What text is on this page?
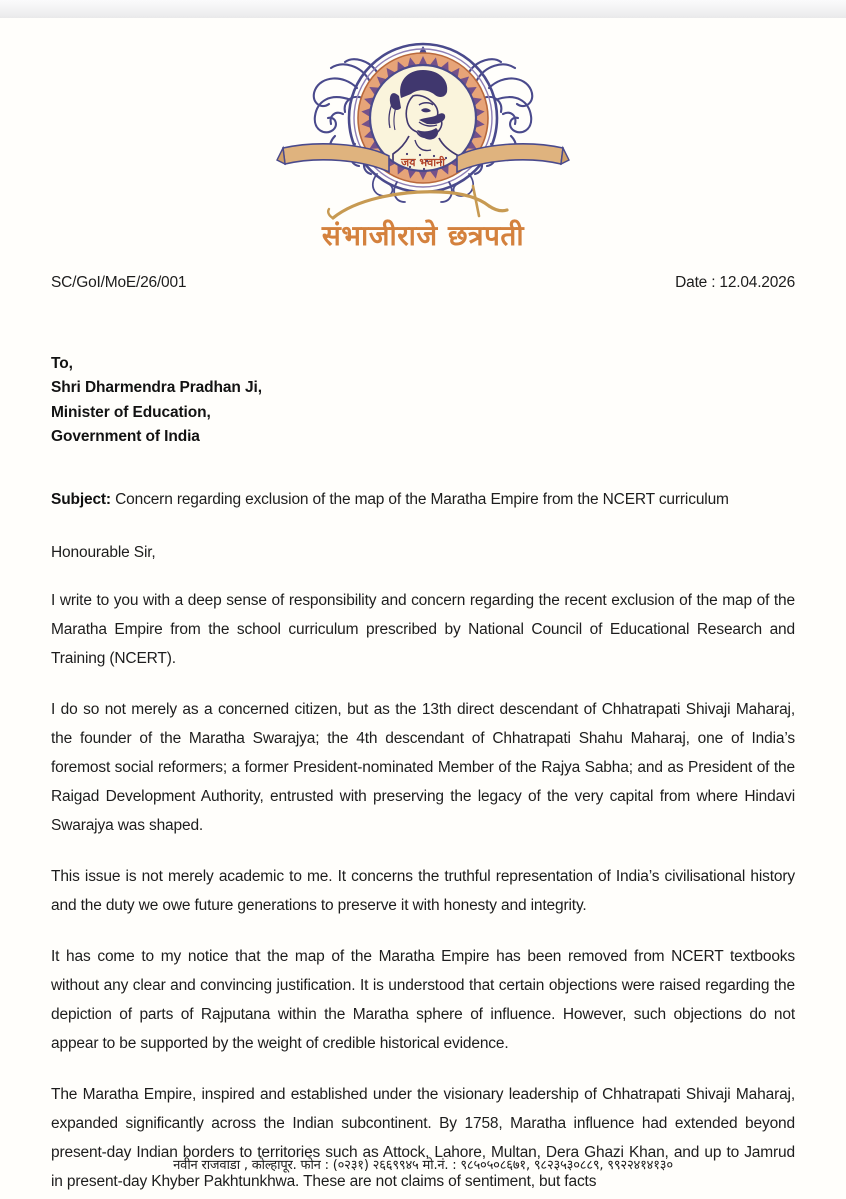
जय भवानी
संभाजीराजे छत्रपती
SC/GoI/MoE/26/001	Date : 12.04.2026
To,
Shri Dharmendra Pradhan Ji,
Minister of Education,
Government of India
Subject: Concern regarding exclusion of the map of the Maratha Empire from the NCERT curriculum
Honourable Sir,

I write to you with a deep sense of responsibility and concern regarding the recent exclusion of the map of the Maratha Empire from the school curriculum prescribed by National Council of Educational Research and Training (NCERT).

I do so not merely as a concerned citizen, but as the 13th direct descendant of Chhatrapati Shivaji Maharaj, the founder of the Maratha Swarajya; the 4th descendant of Chhatrapati Shahu Maharaj, one of India’s foremost social reformers; a former President-nominated Member of the Rajya Sabha; and as President of the Raigad Development Authority, entrusted with preserving the legacy of the very capital from where Hindavi Swarajya was shaped.

This issue is not merely academic to me. It concerns the truthful representation of India’s civilisational history and the duty we owe future generations to preserve it with honesty and integrity.

It has come to my notice that the map of the Maratha Empire has been removed from NCERT textbooks without any clear and convincing justification. It is understood that certain objections were raised regarding the depiction of parts of Rajputana within the Maratha sphere of influence. However, such objections do not appear to be supported by the weight of credible historical evidence.

The Maratha Empire, inspired and established under the visionary leadership of Chhatrapati Shivaji Maharaj, expanded significantly across the Indian subcontinent. By 1758, Maratha influence had extended beyond present-day Indian borders to territories such as Attock, Lahore, Multan, Dera Ghazi Khan, and up to Jamrud in present-day Khyber Pakhtunkhwa. These are not claims of sentiment, but facts

नवीन राजवाडा , कोल्हापूर. फोन : (०२३१) २६६९९४५ मो.नं. : ९८५०५०८६७१, ९८२३५३०८८९, ९९२२४१४१३०
